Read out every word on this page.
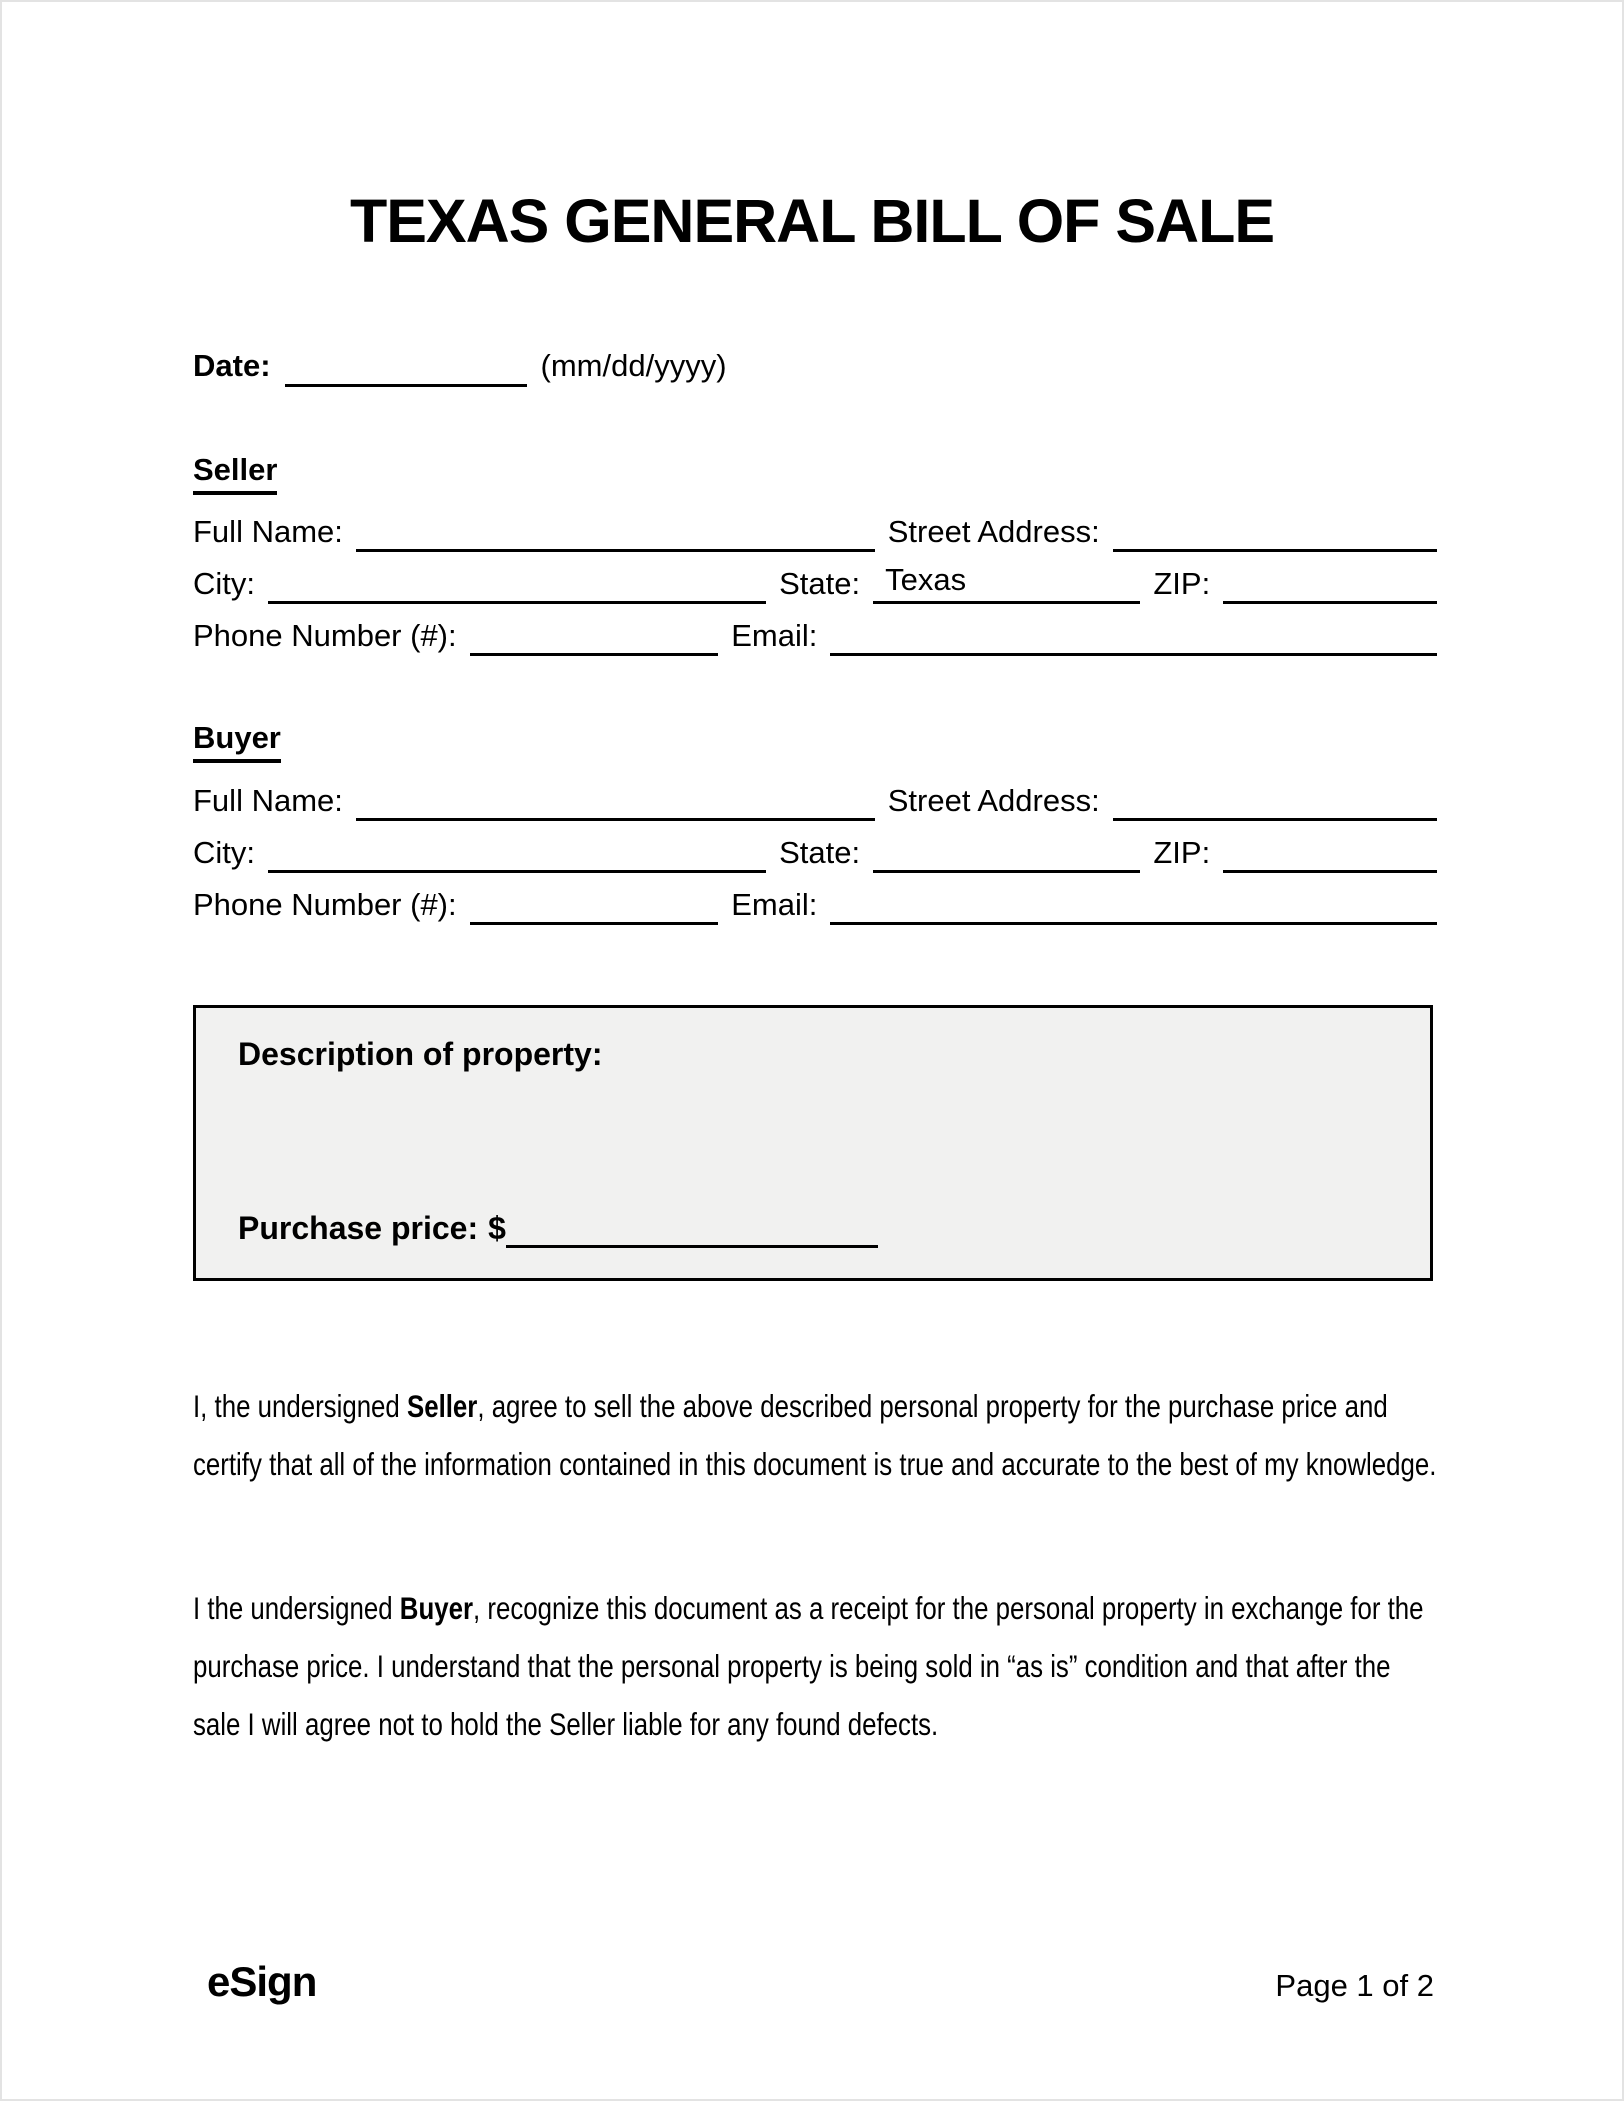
TEXAS GENERAL BILL OF SALE
Date:	(mm/dd/yyyy)
Seller
Full Name:	Street Address:
City:	State: Texas	ZIP:
Phone Number (#):	Email:
Buyer
Full Name:	Street Address:
City:	State:	ZIP:
Phone Number (#):	Email:
Description of property:
Purchase price: $
I, the undersigned Seller, agree to sell the above described personal property for the purchase price and certify that all of the information contained in this document is true and accurate to the best of my knowledge.
I the undersigned Buyer, recognize this document as a receipt for the personal property in exchange for the purchase price. I understand that the personal property is being sold in “as is” condition and that after the sale I will agree not to hold the Seller liable for any found defects.
eSign	Page 1 of 2
